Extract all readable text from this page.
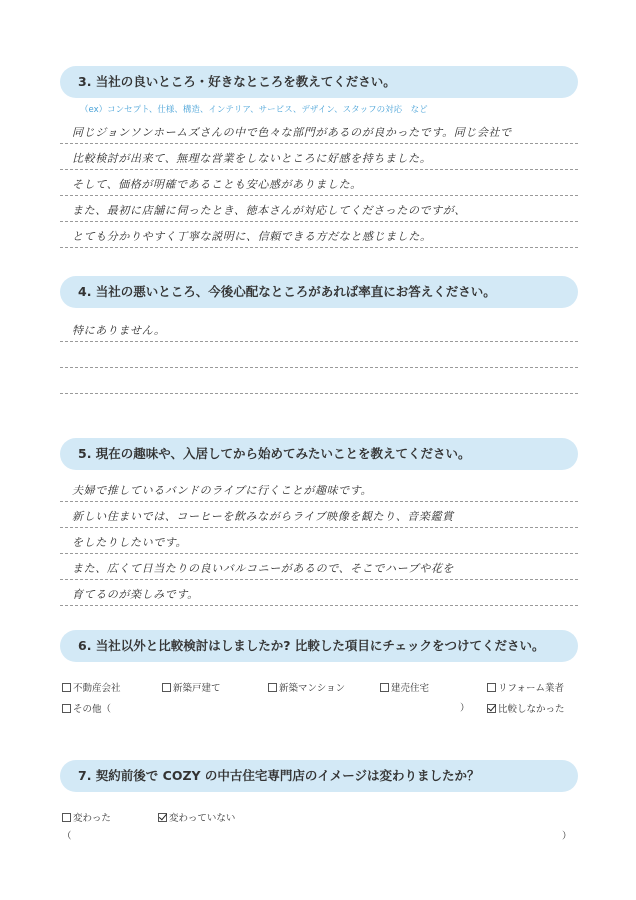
3. 当社の良いところ・好きなところを教えてください。
（ex）コンセプト、仕様、構造、インテリア、サービス、デザイン、スタッフの対応　など
同じジョンソンホームズさんの中で色々な部門があるのが良かったです。同じ会社で
比較検討が出来て、無理な営業をしないところに好感を持ちました。
そして、価格が明確であることも安心感がありました。
また、最初に店舗に伺ったとき、徳本さんが対応してくださったのですが、
とても分かりやすく丁寧な説明に、信頼できる方だなと感じました。
4. 当社の悪いところ、今後心配なところがあれば率直にお答えください。
特にありません。
5. 現在の趣味や、入居してから始めてみたいことを教えてください。
夫婦で推しているバンドのライブに行くことが趣味です。
新しい住まいでは、コーヒーを飲みながらライブ映像を観たり、音楽鑑賞
をしたりしたいです。
また、広くて日当たりの良いバルコニーがあるので、そこでハーブや花を
育てるのが楽しみです。
6. 当社以外と比較検討はしましたか? 比較した項目にチェックをつけてください。
不動産会社	新築戸建て	新築マンション	建売住宅	リフォーム業者
その他（	）	比較しなかった
7. 契約前後で COZY の中古住宅専門店のイメージは変わりましたか？
変わった	変わっていない
（	）
